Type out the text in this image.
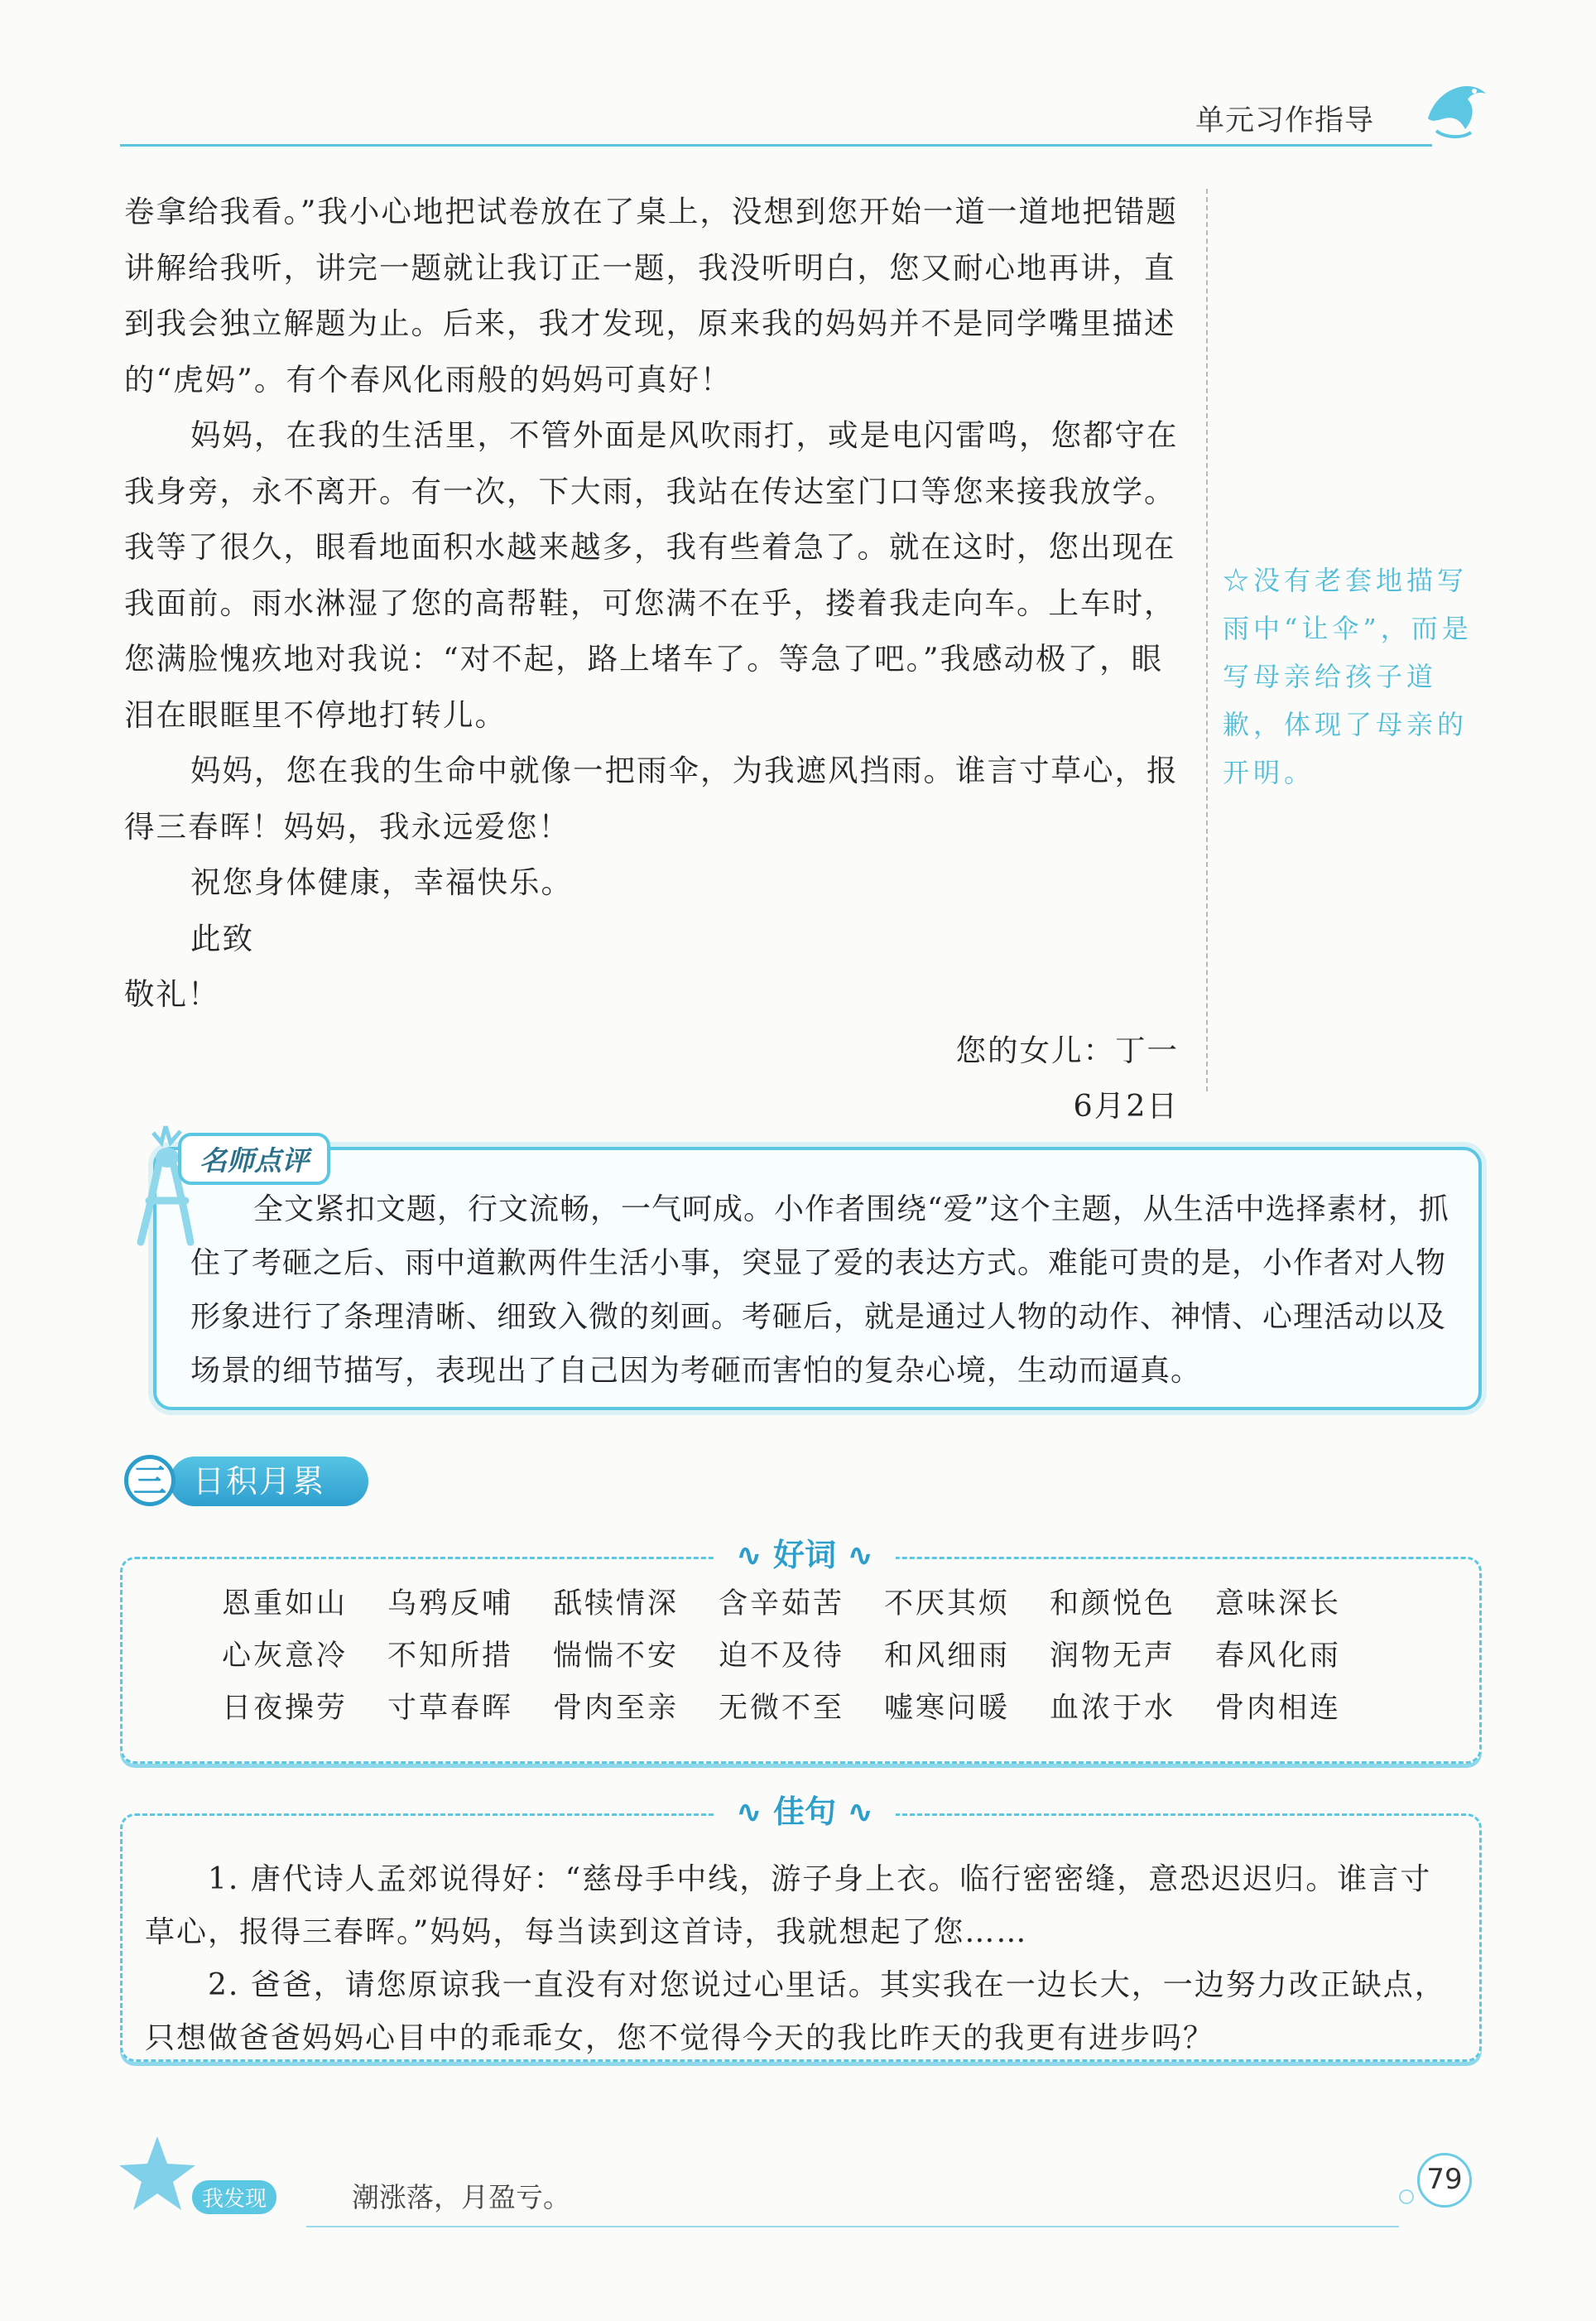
单元习作指导

卷拿给我看。”我小心地把试卷放在了桌上，没想到您开始一道一道地把错题讲解给我听，讲完一题就让我订正一题，我没听明白，您又耐心地再讲，直到我会独立解题为止。后来，我才发现，原来我的妈妈并不是同学嘴里描述的“虎妈”。有个春风化雨般的妈妈可真好！

妈妈，在我的生活里，不管外面是风吹雨打，或是电闪雷鸣，您都守在我身旁，永不离开。有一次，下大雨，我站在传达室门口等您来接我放学。我等了很久，眼看地面积水越来越多，我有些着急了。就在这时，您出现在我面前。雨水淋湿了您的高帮鞋，可您满不在乎，搂着我走向车。上车时，您满脸愧疚地对我说：“对不起，路上堵车了。等急了吧。”我感动极了，眼泪在眼眶里不停地打转儿。

妈妈，您在我的生命中就像一把雨伞，为我遮风挡雨。谁言寸草心，报得三春晖！妈妈，我永远爱您！

祝您身体健康，幸福快乐。

此致

敬礼！

您的女儿：丁一

6月2日

☆没有老套地描写雨中“让伞”，而是写母亲给孩子道歉，体现了母亲的开明。
名师点评

全文紧扣文题，行文流畅，一气呵成。小作者围绕“爱”这个主题，从生活中选择素材，抓住了考砸之后、雨中道歉两件生活小事，突显了爱的表达方式。难能可贵的是，小作者对人物形象进行了条理清晰、细致入微的刻画。考砸后，就是通过人物的动作、神情、心理活动以及场景的细节描写，表现出了自己因为考砸而害怕的复杂心境，生动而逼真。

日积月累
三
∿ 好词 ∿
恩重如山	乌鸦反哺	舐犊情深	含辛茹苦	不厌其烦	和颜悦色	意味深长
心灰意冷	不知所措	惴惴不安	迫不及待	和风细雨	润物无声	春风化雨
日夜操劳	寸草春晖	骨肉至亲	无微不至	嘘寒问暖	血浓于水	骨肉相连
∿ 佳句 ∿

1. 唐代诗人孟郊说得好：“慈母手中线，游子身上衣。临行密密缝，意恐迟迟归。谁言寸草心，报得三春晖。”妈妈，每当读到这首诗，我就想起了您……

2. 爸爸，请您原谅我一直没有对您说过心里话。其实我在一边长大，一边努力改正缺点，只想做爸爸妈妈心目中的乖乖女，您不觉得今天的我比昨天的我更有进步吗？

我发现	潮涨落，月盈亏。
79
